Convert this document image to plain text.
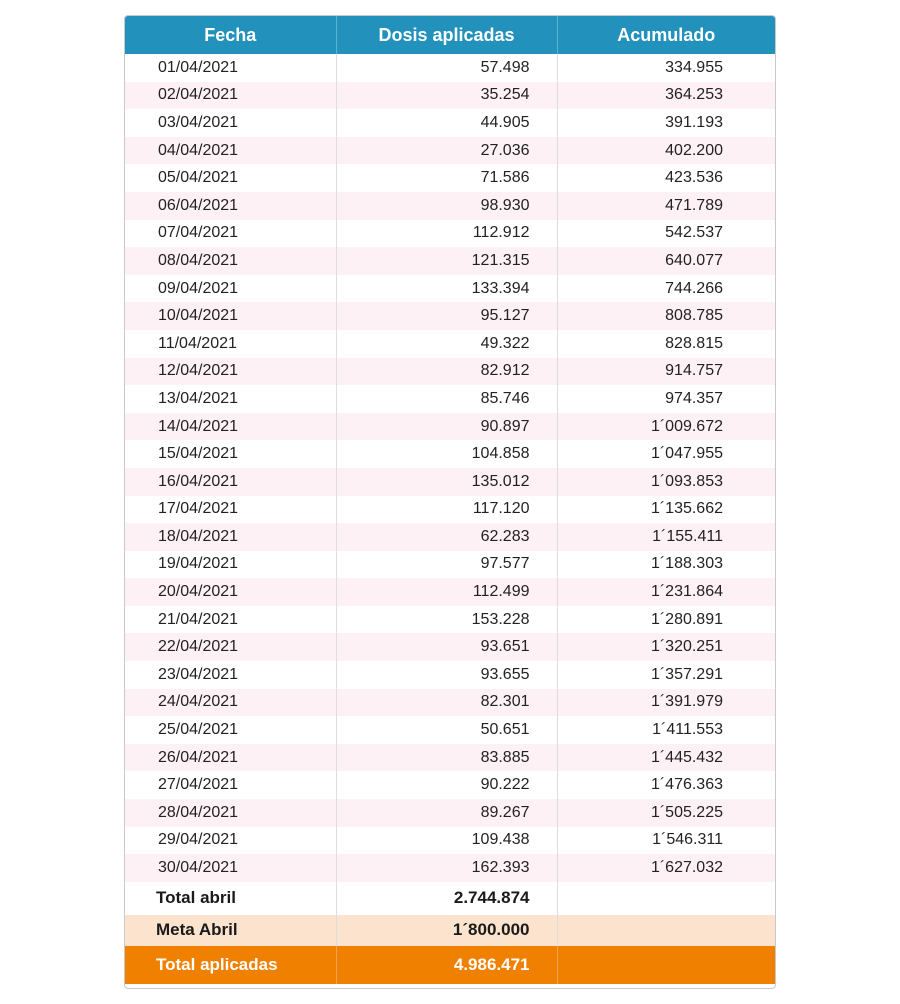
Fecha	Dosis aplicadas	Acumulado
01/04/2021	57.498	334.955
02/04/2021	35.254	364.253
03/04/2021	44.905	391.193
04/04/2021	27.036	402.200
05/04/2021	71.586	423.536
06/04/2021	98.930	471.789
07/04/2021	112.912	542.537
08/04/2021	121.315	640.077
09/04/2021	133.394	744.266
10/04/2021	95.127	808.785
11/04/2021	49.322	828.815
12/04/2021	82.912	914.757
13/04/2021	85.746	974.357
14/04/2021	90.897	1´009.672
15/04/2021	104.858	1´047.955
16/04/2021	135.012	1´093.853
17/04/2021	117.120	1´135.662
18/04/2021	62.283	1´155.411
19/04/2021	97.577	1´188.303
20/04/2021	112.499	1´231.864
21/04/2021	153.228	1´280.891
22/04/2021	93.651	1´320.251
23/04/2021	93.655	1´357.291
24/04/2021	82.301	1´391.979
25/04/2021	50.651	1´411.553
26/04/2021	83.885	1´445.432
27/04/2021	90.222	1´476.363
28/04/2021	89.267	1´505.225
29/04/2021	109.438	1´546.311
30/04/2021	162.393	1´627.032
Total abril	2.744.874	
Meta Abril	1´800.000	
Total aplicadas	4.986.471	
